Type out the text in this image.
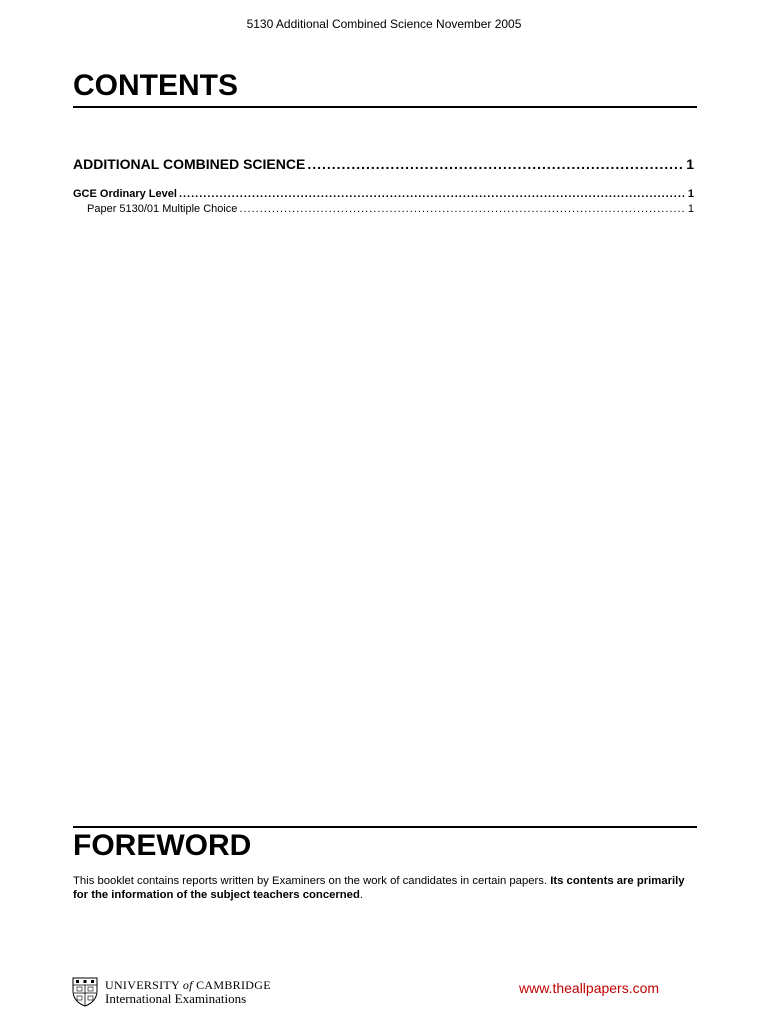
5130 Additional Combined Science November 2005
CONTENTS
ADDITIONAL COMBINED SCIENCE .....	1
GCE Ordinary Level .....	1
Paper 5130/01 Multiple Choice .....	1
FOREWORD
This booklet contains reports written by Examiners on the work of candidates in certain papers. Its contents are primarily for the information of the subject teachers concerned.
UNIVERSITY of CAMBRIDGE
International Examinations
www.theallpapers.com
